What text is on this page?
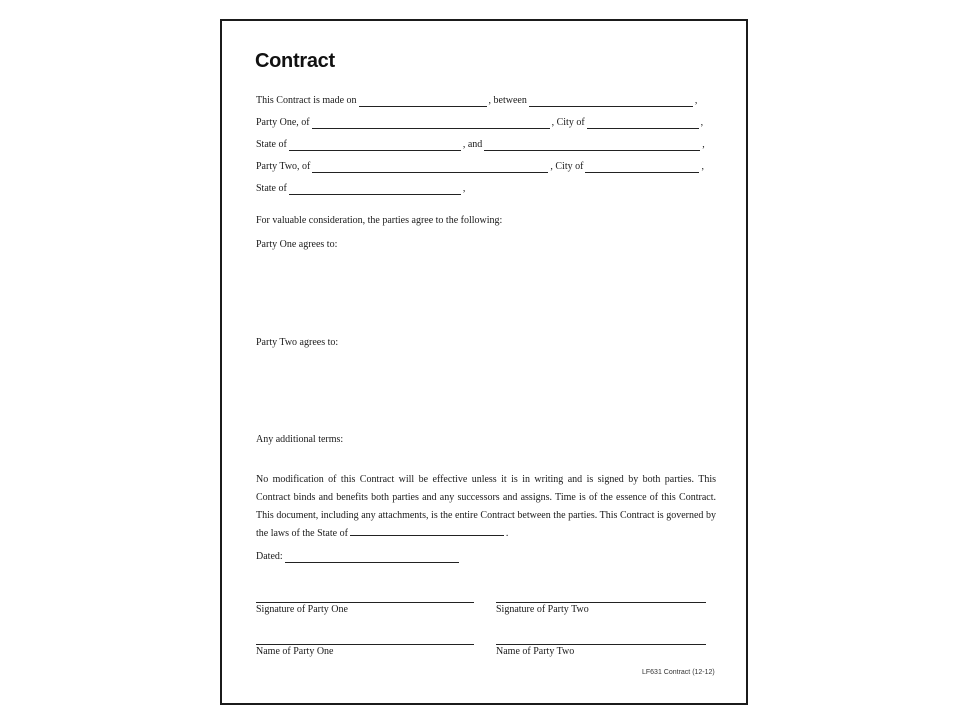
Contract
This Contract is made on	, between	,
Party One, of	, City of	,
State of	, and	,
Party Two, of	, City of	,
State of	,
For valuable consideration, the parties agree to the following:
Party One agrees to:
Party Two agrees to:
Any additional terms:
No modification of this Contract will be effective unless it is in writing and is signed by both parties. This Contract binds and benefits both parties and any successors and assigns. Time is of the essence of this Contract. This document, including any attachments, is the entire Contract between the parties. This Contract is governed by the laws of the State of	.
Dated:
Signature of Party One	Signature of Party Two
Name of Party One	Name of Party Two
LF631 Contract (12-12)
